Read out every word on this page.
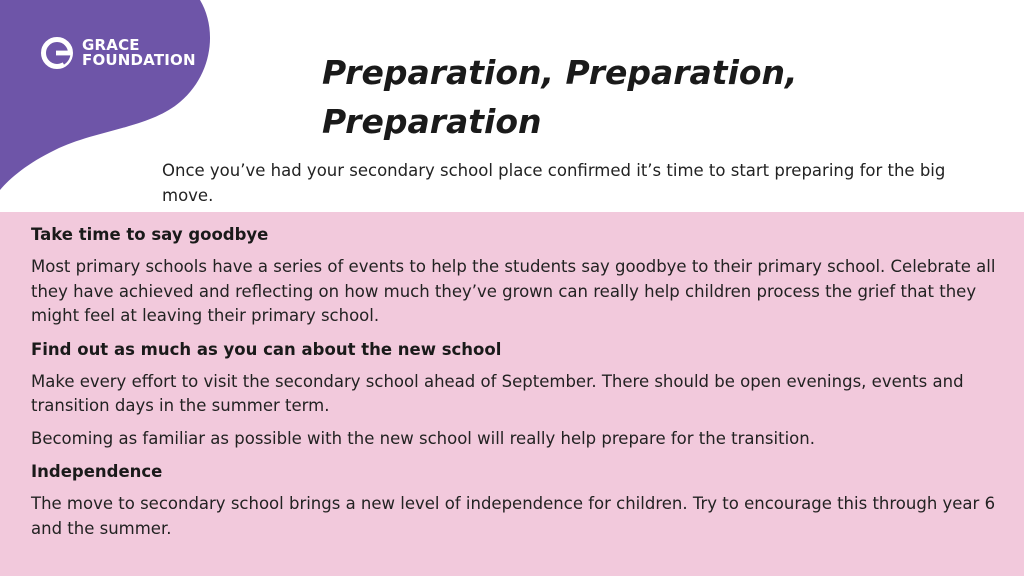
GRACE
FOUNDATION	Preparation, Preparation, Preparation

Once you’ve had your secondary school place confirmed it’s time to start preparing for the big move.

Take time to say goodbye

Most primary schools have a series of events to help the students say goodbye to their primary school. Celebrate all they have achieved and reflecting on how much they’ve grown can really help children process the grief that they might feel at leaving their primary school.

Find out as much as you can about the new school

Make every effort to visit the secondary school ahead of September. There should be open evenings, events and transition days in the summer term.

Becoming as familiar as possible with the new school will really help prepare for the transition.

Independence

The move to secondary school brings a new level of independence for children. Try to encourage this through year 6 and the summer.
